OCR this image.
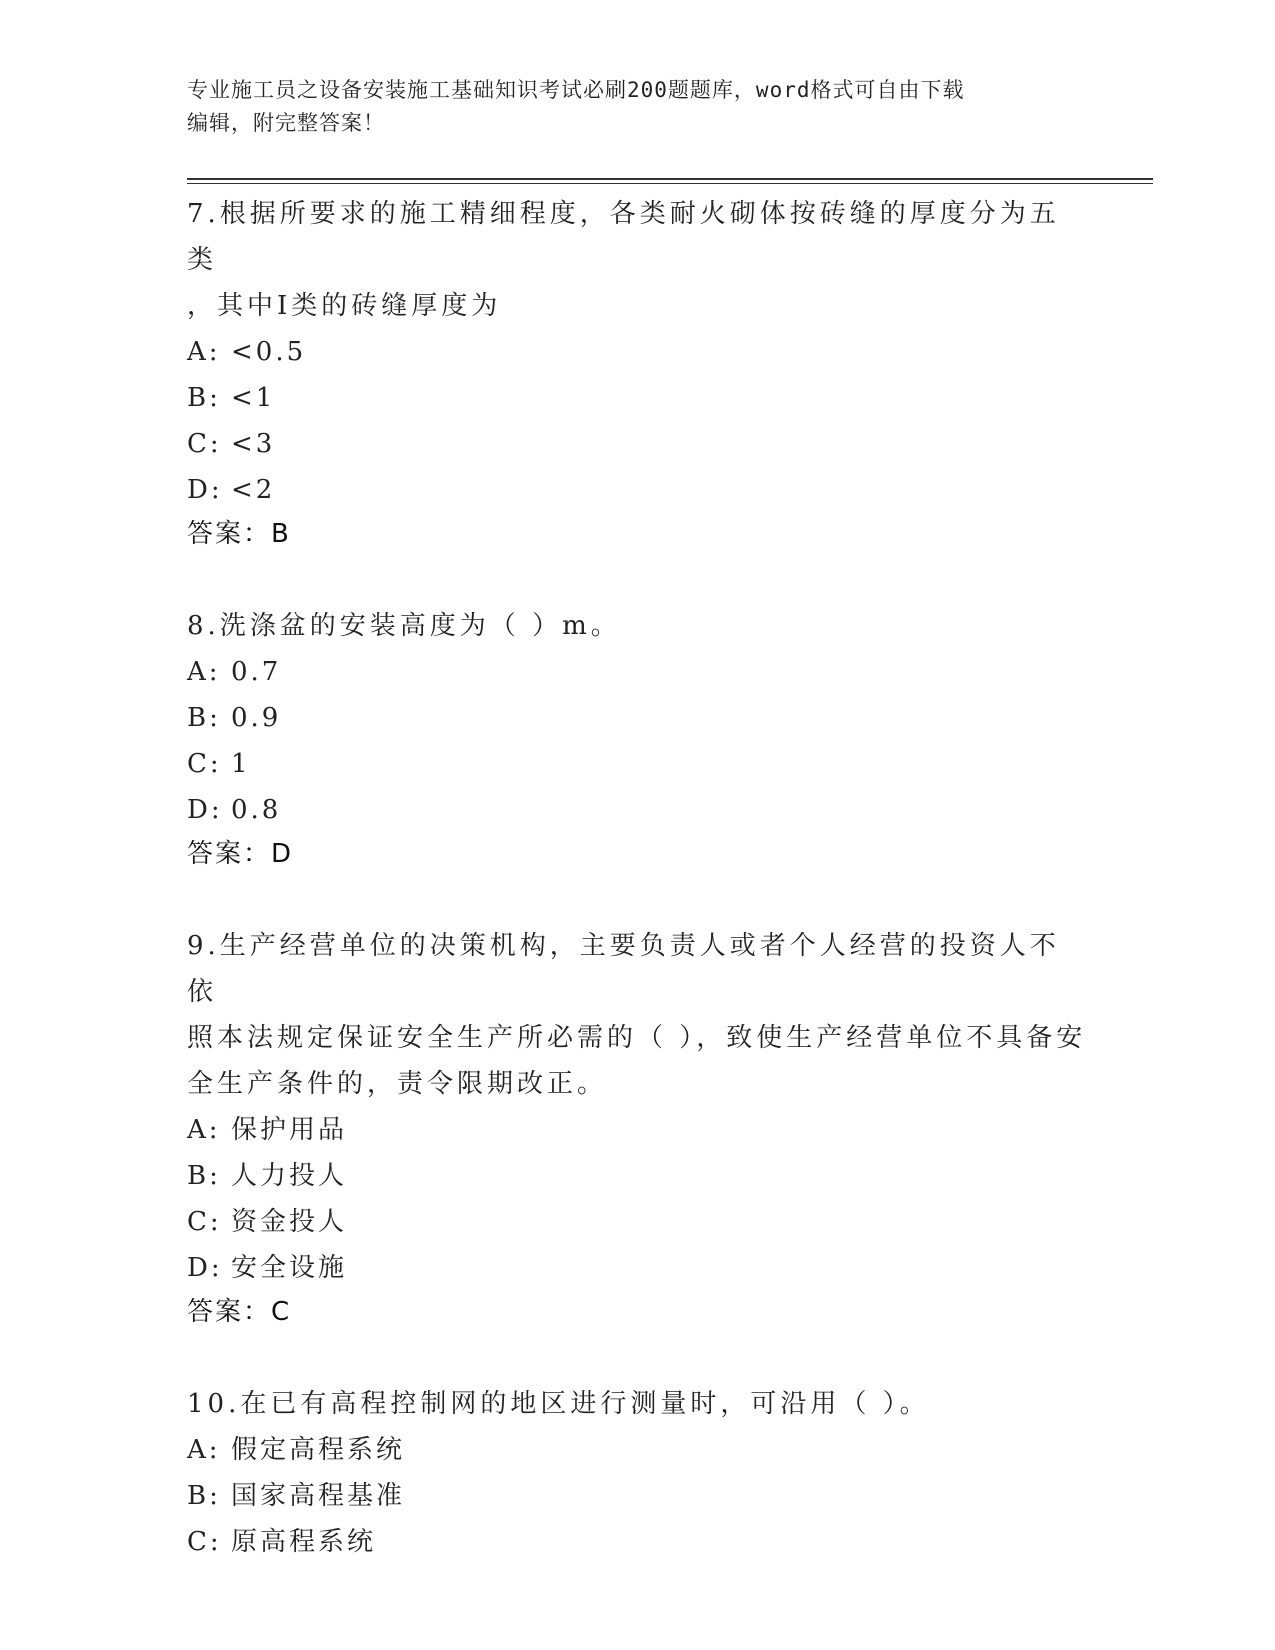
专业施工员之设备安装施工基础知识考试必刷200题题库，word格式可自由下载
编辑，附完整答案！
7.根据所要求的施工精细程度，各类耐火砌体按砖缝的厚度分为五类
，其中Ⅰ类的砖缝厚度为
A: <0.5
B: <1
C: <3
D: <2
答案：B
8.洗涤盆的安装高度为（ ）m。
A: 0.7
B: 0.9
C: 1
D: 0.8
答案：D
9.生产经营单位的决策机构，主要负责人或者个人经营的投资人不依
照本法规定保证安全生产所必需的（ ），致使生产经营单位不具备安
全生产条件的，责令限期改正。
A: 保护用品
B: 人力投人
C: 资金投人
D: 安全设施
答案：C
10.在已有高程控制网的地区进行测量时，可沿用（ ）。
A: 假定高程系统
B: 国家高程基准
C: 原高程系统
